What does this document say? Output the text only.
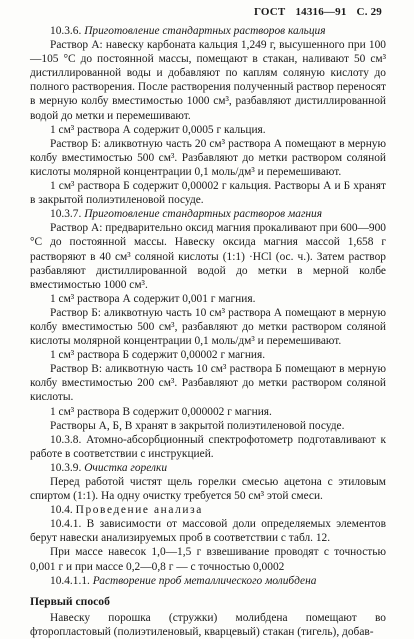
ГОСТ 14316—91 С. 29

10.3.6. Приготовление стандартных растворов кальция

Раствор А: навеску карбоната кальция 1,249 г, высушенного при 100—105 °С до постоянной массы, помещают в стакан, наливают 50 см³ дистиллированной воды и добавляют по каплям соляную кислоту до полного растворения. После растворения полученный раствор переносят в мерную колбу вместимостью 1000 см³, разбавляют дистиллированной водой до метки и перемешивают.

1 см³ раствора А содержит 0,0005 г кальция.

Раствор Б: аликвотную часть 20 см³ раствора А помещают в мерную колбу вместимостью 500 см³. Разбавляют до метки раствором соляной кислоты молярной концентрации 0,1 моль/дм³ и перемешивают.

1 см³ раствора Б содержит 0,00002 г кальция. Растворы А и Б хранят в закрытой полиэтиленовой посуде.

10.3.7. Приготовление стандартных растворов магния

Раствор А: предварительно оксид магния прокаливают при 600—900 °С до постоянной массы. Навеску оксида магния массой 1,658 г растворяют в 40 см³ соляной кислоты (1:1) ·HCl (ос. ч.). Затем раствор разбавляют дистиллированной водой до метки в мерной колбе вместимостью 1000 см³.

1 см³ раствора А содержит 0,001 г магния.

Раствор Б: аликвотную часть 10 см³ раствора А помещают в мерную колбу вместимостью 500 см³, разбавляют до метки раствором соляной кислоты молярной концентрации 0,1 моль/дм³ и перемешивают.

1 см³ раствора Б содержит 0,00002 г магния.

Раствор В: аликвотную часть 10 см³ раствора Б помещают в мерную колбу вместимостью 200 см³. Разбавляют до метки раствором соляной кислоты.

1 см³ раствора В содержит 0,000002 г магния.

Растворы А, Б, В хранят в закрытой полиэтиленовой посуде.

10.3.8. Атомно-абсорбционный спектрофотометр подготавливают к работе в соответствии с инструкцией.

10.3.9. Очистка горелки

Перед работой чистят щель горелки смесью ацетона с этиловым спиртом (1:1). На одну очистку требуется 50 см³ этой смеси.

10.4. Проведение анализа

10.4.1. В зависимости от массовой доли определяемых элементов берут навески анализируемых проб в соответствии с табл. 12.

При массе навесок 1,0—1,5 г взвешивание проводят с точностью 0,001 г и при массе 0,2—0,8 г — с точностью 0,0002

10.4.1.1. Растворение проб металлического молибдена

Первый способ

Навеску порошка (стружки) молибдена помещают во фторопластовый (полиэтиленовый, кварцевый) стакан (тигель), добав-
